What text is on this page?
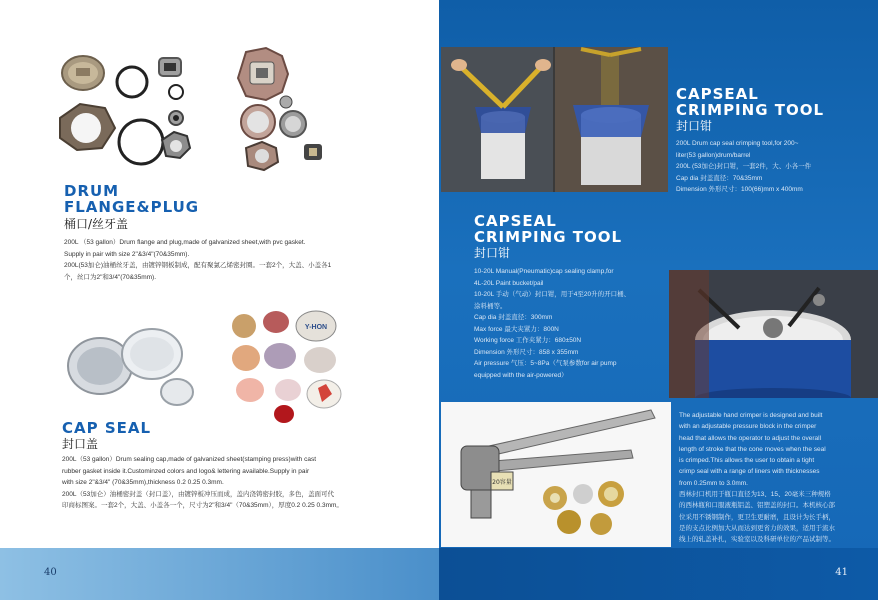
DRUM
FLANGE&PLUG
桶口/丝牙盖
200L （53 gallon）Drum flange and plug,made of galvanized sheet,with pvc gasket.
Supply in pair with size 2"&3/4"(70&35mm).
200L(53加仑)油桶丝牙盖，由镀锌钢板制成，配有聚氯乙烯密封圈。一套2个，大盖、小盖各1
个，丝口为2"和3/4"(70&35mm).
Y-HON
CAP SEAL
封口盖
200L（53 gallon）Drum sealing cap,made of galvanized sheet(stamping press)with cast
rubber gasket inside it.Custominzed colors and logo& lettering available.Supply in pair
with size 2"&3/4" (70&35mm),thickness 0.2 0.25 0.3mm.
200L（53加仑）油桶密封盖（封口盖），由镀锌板冲压而成，盖内浇铸密封胶，多色，盖面可代
印商标图案。一套2个，大盖、小盖各一个，尺寸为2"和3/4"（70&35mm），厚度0.2 0.25 0.3mm。
40
CAPSEAL
CRIMPING TOOL
封口钳
200L Drum cap seal crimping tool,for 200~
liter(53 gallon)drum/barrel
200L (53加仑)封口钳，一套2件，大、小各一件
Cap dia 封盖直径：70&35mm
Dimension 外形尺寸：100(66)mm x 400mm
CAPSEAL
CRIMPING TOOL
封口钳
10-20L Manual(Pneumatic)cap sealing clamp,for
4L-20L Paint bucket/pail
10-20L 手动（气动）封口钳，用于4至20升的开口桶、
涂料桶等。
Cap dia 封盖直径：300mm
Max force 最大夹紧力：800N
Working force 工作夹紧力：680±50N
Dimension 外形尺寸：858 x 355mm
Air pressure 气压：5~8Pa（气泵参数for air pump
equipped with the air-powered）
20容量
The adjustable hand crimper is designed and built
with an adjustable pressure block in the crimper
head that allows the operator to adjust the overall
length of stroke that the cone moves when the seal
is crimped.This allows the user to obtain a tight
crimp seal with a range of liners with thicknesses
from 0.25mm to 3.0mm.
西林封口机用于瓶口直径为13、15、20毫米三种规格
的西林瓶和口服液瓶铝盖、铝塑盖的封口。本机核心部
位采用不锈钢制作，更卫生更耐磨，且设计为长手柄，
是的支点比例加大从而达到更省力的效果，适用于流水
线上的轧盖补扎，实验室以及科研单位的产品试制等。
41
